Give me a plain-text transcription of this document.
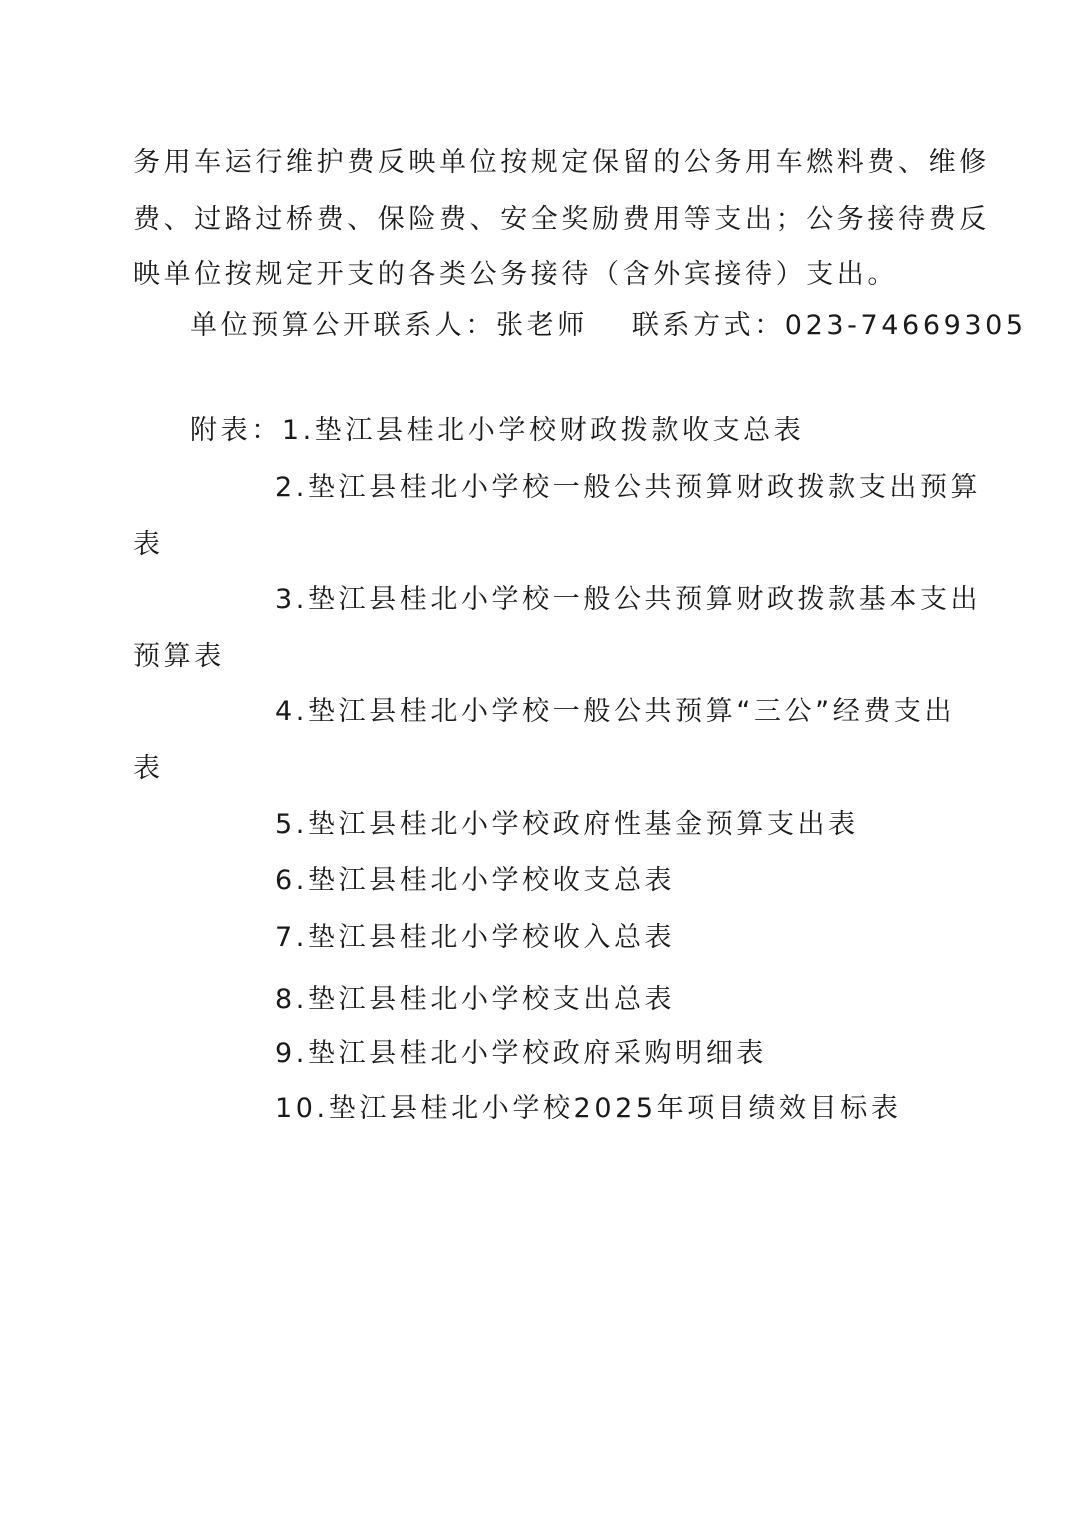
务用车运行维护费反映单位按规定保留的公务用车燃料费、维修
费、过路过桥费、保险费、安全奖励费用等支出；公务接待费反
映单位按规定开支的各类公务接待（含外宾接待）支出。
单位预算公开联系人：张老师 联系方式：023-74669305
附表：1.垫江县桂北小学校财政拨款收支总表
2.垫江县桂北小学校一般公共预算财政拨款支出预算
表
3.垫江县桂北小学校一般公共预算财政拨款基本支出
预算表
4.垫江县桂北小学校一般公共预算“三公”经费支出
表
5.垫江县桂北小学校政府性基金预算支出表
6.垫江县桂北小学校收支总表
7.垫江县桂北小学校收入总表
8.垫江县桂北小学校支出总表
9.垫江县桂北小学校政府采购明细表
10.垫江县桂北小学校2025年项目绩效目标表
